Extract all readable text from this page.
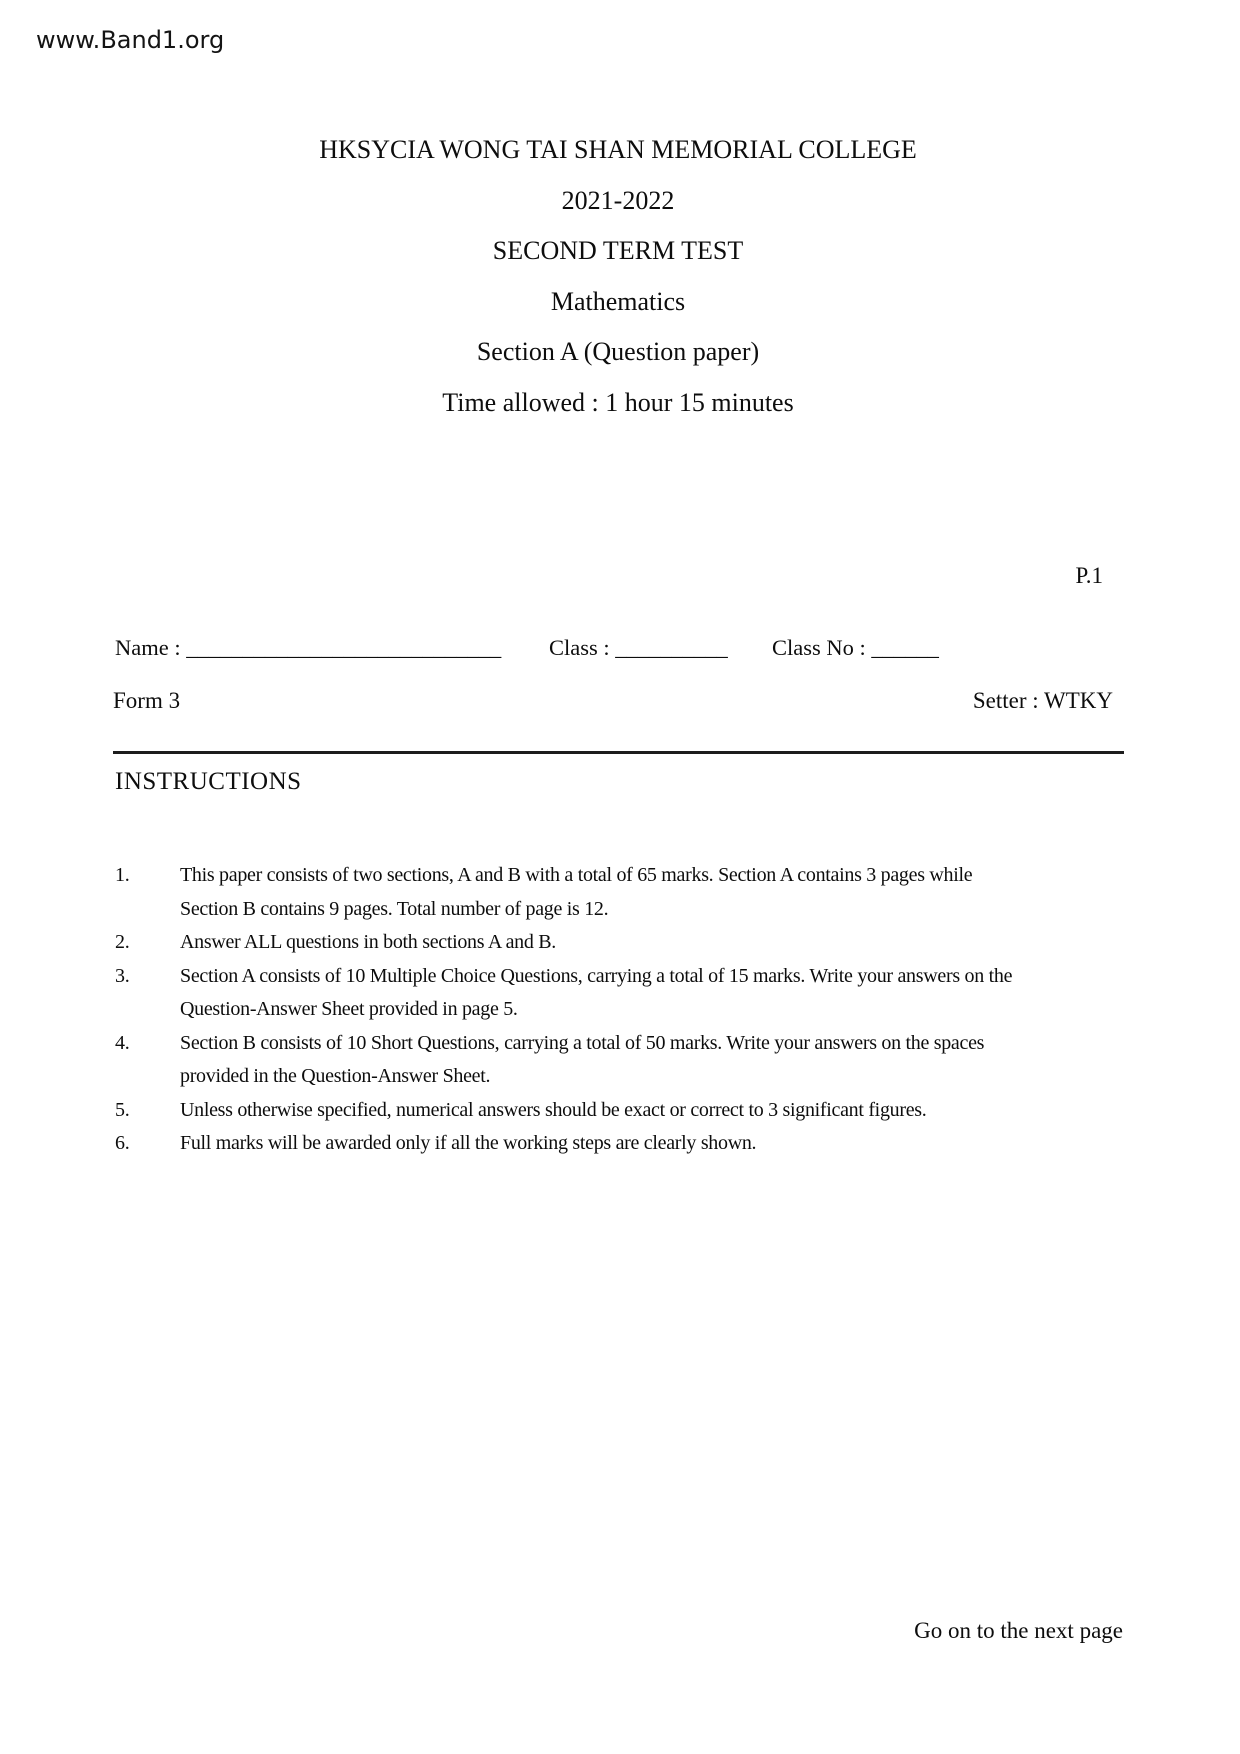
www.Band1.org
HKSYCIA WONG TAI SHAN MEMORIAL COLLEGE
2021-2022
SECOND TERM TEST
Mathematics
Section A (Question paper)
Time allowed : 1 hour 15 minutes
P.1
Name : ____________________________ Class : __________ Class No : ______
Form 3	Setter : WTKY
INSTRUCTIONS
1.	This paper consists of two sections, A and B with a total of 65 marks. Section A contains 3 pages while Section B contains 9 pages. Total number of page is 12.
2.	Answer ALL questions in both sections A and B.
3.	Section A consists of 10 Multiple Choice Questions, carrying a total of 15 marks. Write your answers on the Question-Answer Sheet provided in page 5.
4.	Section B consists of 10 Short Questions, carrying a total of 50 marks. Write your answers on the spaces provided in the Question-Answer Sheet.
5.	Unless otherwise specified, numerical answers should be exact or correct to 3 significant figures.
6.	Full marks will be awarded only if all the working steps are clearly shown.
Go on to the next page
